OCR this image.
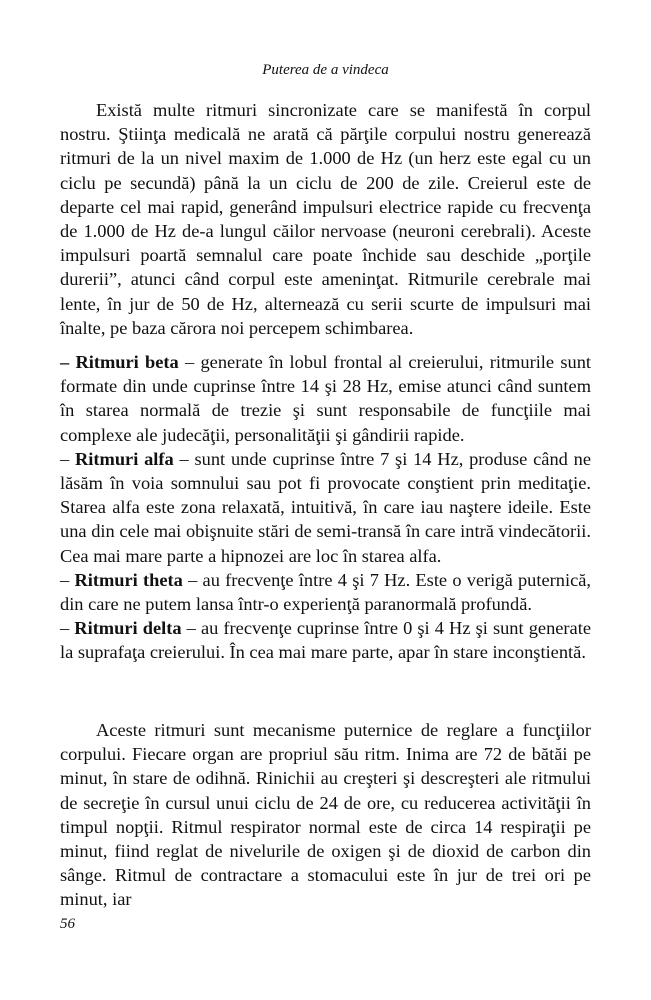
Puterea de a vindeca

Există multe ritmuri sincronizate care se manifestă în corpul nostru. Ştiinţa medicală ne arată că părţile corpului nostru generează ritmuri de la un nivel maxim de 1.000 de Hz (un herz este egal cu un ciclu pe secundă) până la un ciclu de 200 de zile. Creierul este de departe cel mai rapid, generând impulsuri electrice rapide cu frecvenţa de 1.000 de Hz de-a lungul căilor nervoase (neuroni cerebrali). Aceste impulsuri poartă semnalul care poate închide sau deschide „porţile durerii”, atunci când corpul este ameninţat. Ritmurile cerebrale mai lente, în jur de 50 de Hz, alternează cu serii scurte de impulsuri mai înalte, pe baza cărora noi percepem schimbarea.

– Ritmuri beta – generate în lobul frontal al creierului, ritmurile sunt formate din unde cuprinse între 14 şi 28 Hz, emise atunci când suntem în starea normală de trezie şi sunt responsabile de funcţiile mai complexe ale judecăţii, personalităţii şi gândirii rapide.

– Ritmuri alfa – sunt unde cuprinse între 7 şi 14 Hz, produse când ne lăsăm în voia somnului sau pot fi provocate conştient prin meditaţie. Starea alfa este zona relaxată, intuitivă, în care iau naştere ideile. Este una din cele mai obişnuite stări de semi-transă în care intră vindecătorii. Cea mai mare parte a hipnozei are loc în starea alfa.

– Ritmuri theta – au frecvenţe între 4 şi 7 Hz. Este o verigă puternică, din care ne putem lansa într-o experienţă paranormală profundă.

– Ritmuri delta – au frecvenţe cuprinse între 0 şi 4 Hz şi sunt generate la suprafaţa creierului. În cea mai mare parte, apar în stare inconştientă.

Aceste ritmuri sunt mecanisme puternice de reglare a funcţiilor corpului. Fiecare organ are propriul său ritm. Inima are 72 de bătăi pe minut, în stare de odihnă. Rinichii au creşteri şi descreşteri ale ritmului de secreţie în cursul unui ciclu de 24 de ore, cu reducerea activităţii în timpul nopţii. Ritmul respirator normal este de circa 14 respiraţii pe minut, fiind reglat de nivelurile de oxigen şi de dioxid de carbon din sânge. Ritmul de contractare a stomacului este în jur de trei ori pe minut, iar

56
